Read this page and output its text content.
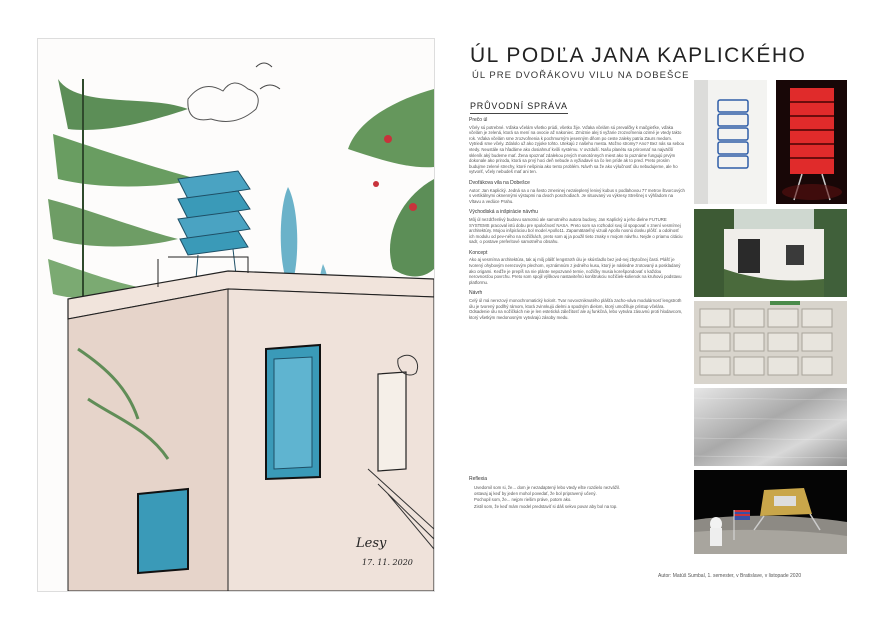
Lesy
17. 11. 2020
ÚL PODĽA JANA KAPLICKÉHO
ÚL PRE DVOŘÁKOVU VILU NA DOBEŠCE
PRŮVODNÍ SPRÁVA
Prečo úl

Včely sú potrebné. Vďaka včelám všetko prúdi, všetko žije. Vďaka včelám sú prevalčky k mačgieťke, vďaka včelám je zelená, ktorá sa mení na ovocie až nakoniec. Zmiznie alej ti vyžarie zrozvoľnenia ozimé je vtedy takto rok. Vďaka včelám sme zrozvoľnenia k pochmurným jesenným dňom po ceste zaleky patria Zaurs medom. Vytriedi sme včely. Zdalolo už ako zyjoke tohto. Utekajú z našeho mesta. Možno stromy? Ano? Bez nás sa sebou vtedy. Neustále sa hľadáme ako dosiahnuť kvôli systému. V ovzduší. Našu planétu sa prirovnať na najväčší skleník aký budeme mať. Žena spoznať zdalekou prvých monotónnych miest ako to poznáme fungujú prvým dokonale ako priroda, ktorá sa prvý hoci deň nebude a vyžiadavé sa čo len príde ak to pred. Preto prosím budujme zelené strechy, ktoré nešpinia ako tento problém. Návrh sa že ako výlučnosť úlu nebudujeme, ale ho vytvoriť, včely nebudeš mať ani ten.

Dvořákova vila na Dobešce

Autor: Jan Kaplický. Jedná sa o na šesto zmeninej nezaleplený lenivý kubus s podlahovou 77 metrov štvorcových s vertikálnymi oknennými výstupmi na dvoch poschodiach. Je situovaný vo výkresy Strešnej s výhľadom na Vltavu a vedúce Prahu.

Východiská a inšpirácie návrhu

Môj úl nezdrženlivý budovu samotnú ale samotného autora budovy, Jan Kaplický a jeho dielne FUTURE SYSTEMS pracoval istú dobu pre spoločnosť NASA. Preto som sa rozhodol svoj úl spopovať v znení vesmírnej architektúry. Mojou inšpiráciou bol model Apollo11. Zapamätateľný vizuál Apollo nosnú dosku plôšť. a odolnosť ich modulu od pev-ného na nožičkách, preto som aj ja použil tieto znaky v mojom návrhu. Nejde o priamu citáciu sadr, o postave preferitové samotného obsahu.

Koncept

Ako aj vesmírna architektúra, tak aj môj plášť lengstroth úlu je skúsťadlo bez jed-nej zbytočnej časti. Plášť je tvorený ohybovým nerezovým plechom, vyznámnúm z jedného kusu, ktorý je následne zrotovaný a poskladaný ako origami. Keďže je prepíš na nie plánte nepozvané ternie, nožičky musia korešpondovať s každou nerovnosťou povrchu. Preto som spojil výškovo nastaviteľnú konštrukciu nožičiek-kolienok na kruhovú podstavu platformu.

Návrh

Celý úl má nerezový monochromatický kolorit. Tvar novovzniknutého plášťa zacho-váva modulárnosť lengstroth úlu je tvorený podlhý rámom, ktorá zvinnkujú dielmi a spodným dielom, ktorý umožňuje prístup včelára. Odsadenie úlu na nožičkách nie je len estetická záležitosť ale aj funkčná, lebo vytvára zásuvnú proti hlodavcom, ktorý všetkým medonosným vytvárajú zásoby medu.

Reflexia
Uvedomil som si, že... dom je nezadaptený lebo vtedy ešte rozdielo nezvážil.
ostavaj aj keď by jeden mohol povedať, že bol pripravený učený.
Pochopil som, že... nejprv riešim práve, potom ako.
Zistil som, že keď mám model predstaviť si dáš sekvo povar aby bol na top.
Autor: Matúš Sumbal, 1. semester, v Bratislave, v listopade 2020
